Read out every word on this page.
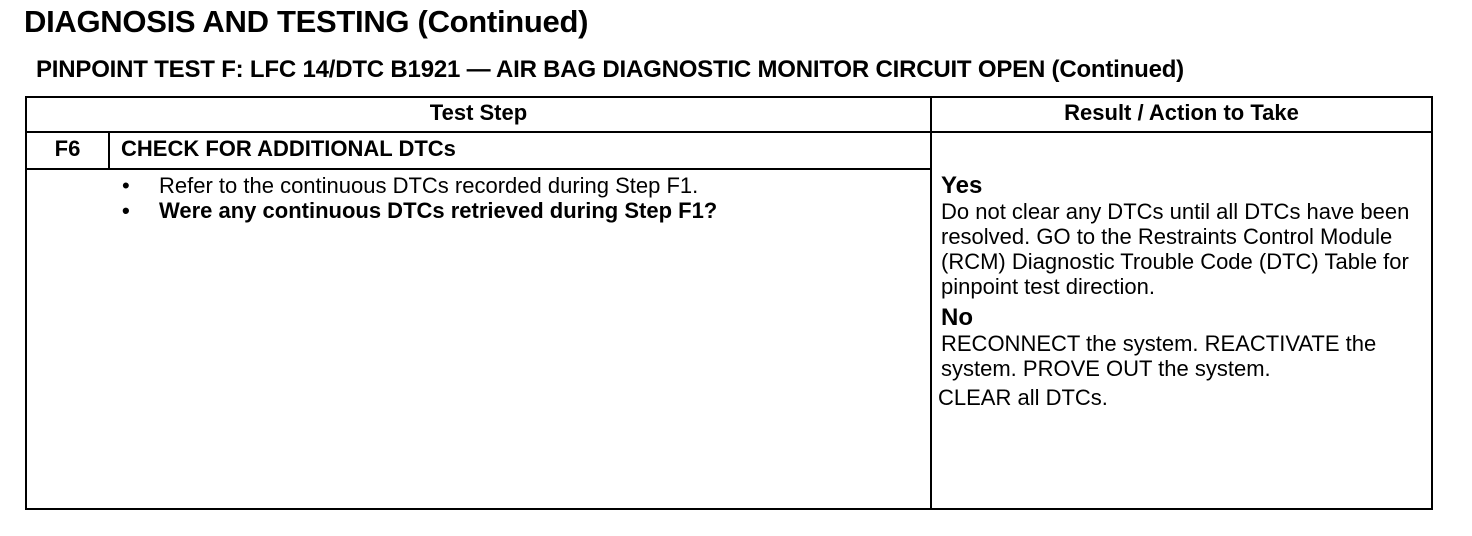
DIAGNOSIS AND TESTING (Continued)
PINPOINT TEST F: LFC 14/DTC B1921 — AIR BAG DIAGNOSTIC MONITOR CIRCUIT OPEN (Continued)
Test Step	Result / Action to Take
F6	CHECK FOR ADDITIONAL DTCs
• Refer to the continuous DTCs recorded during Step F1.
• Were any continuous DTCs retrieved during Step F1?
Yes

Do not clear any DTCs until all DTCs have been resolved. GO to the Restraints Control Module (RCM) Diagnostic Trouble Code (DTC) Table for pinpoint test direction.

No
RECONNECT the system. REACTIVATE the system. PROVE OUT the system.
CLEAR all DTCs.
